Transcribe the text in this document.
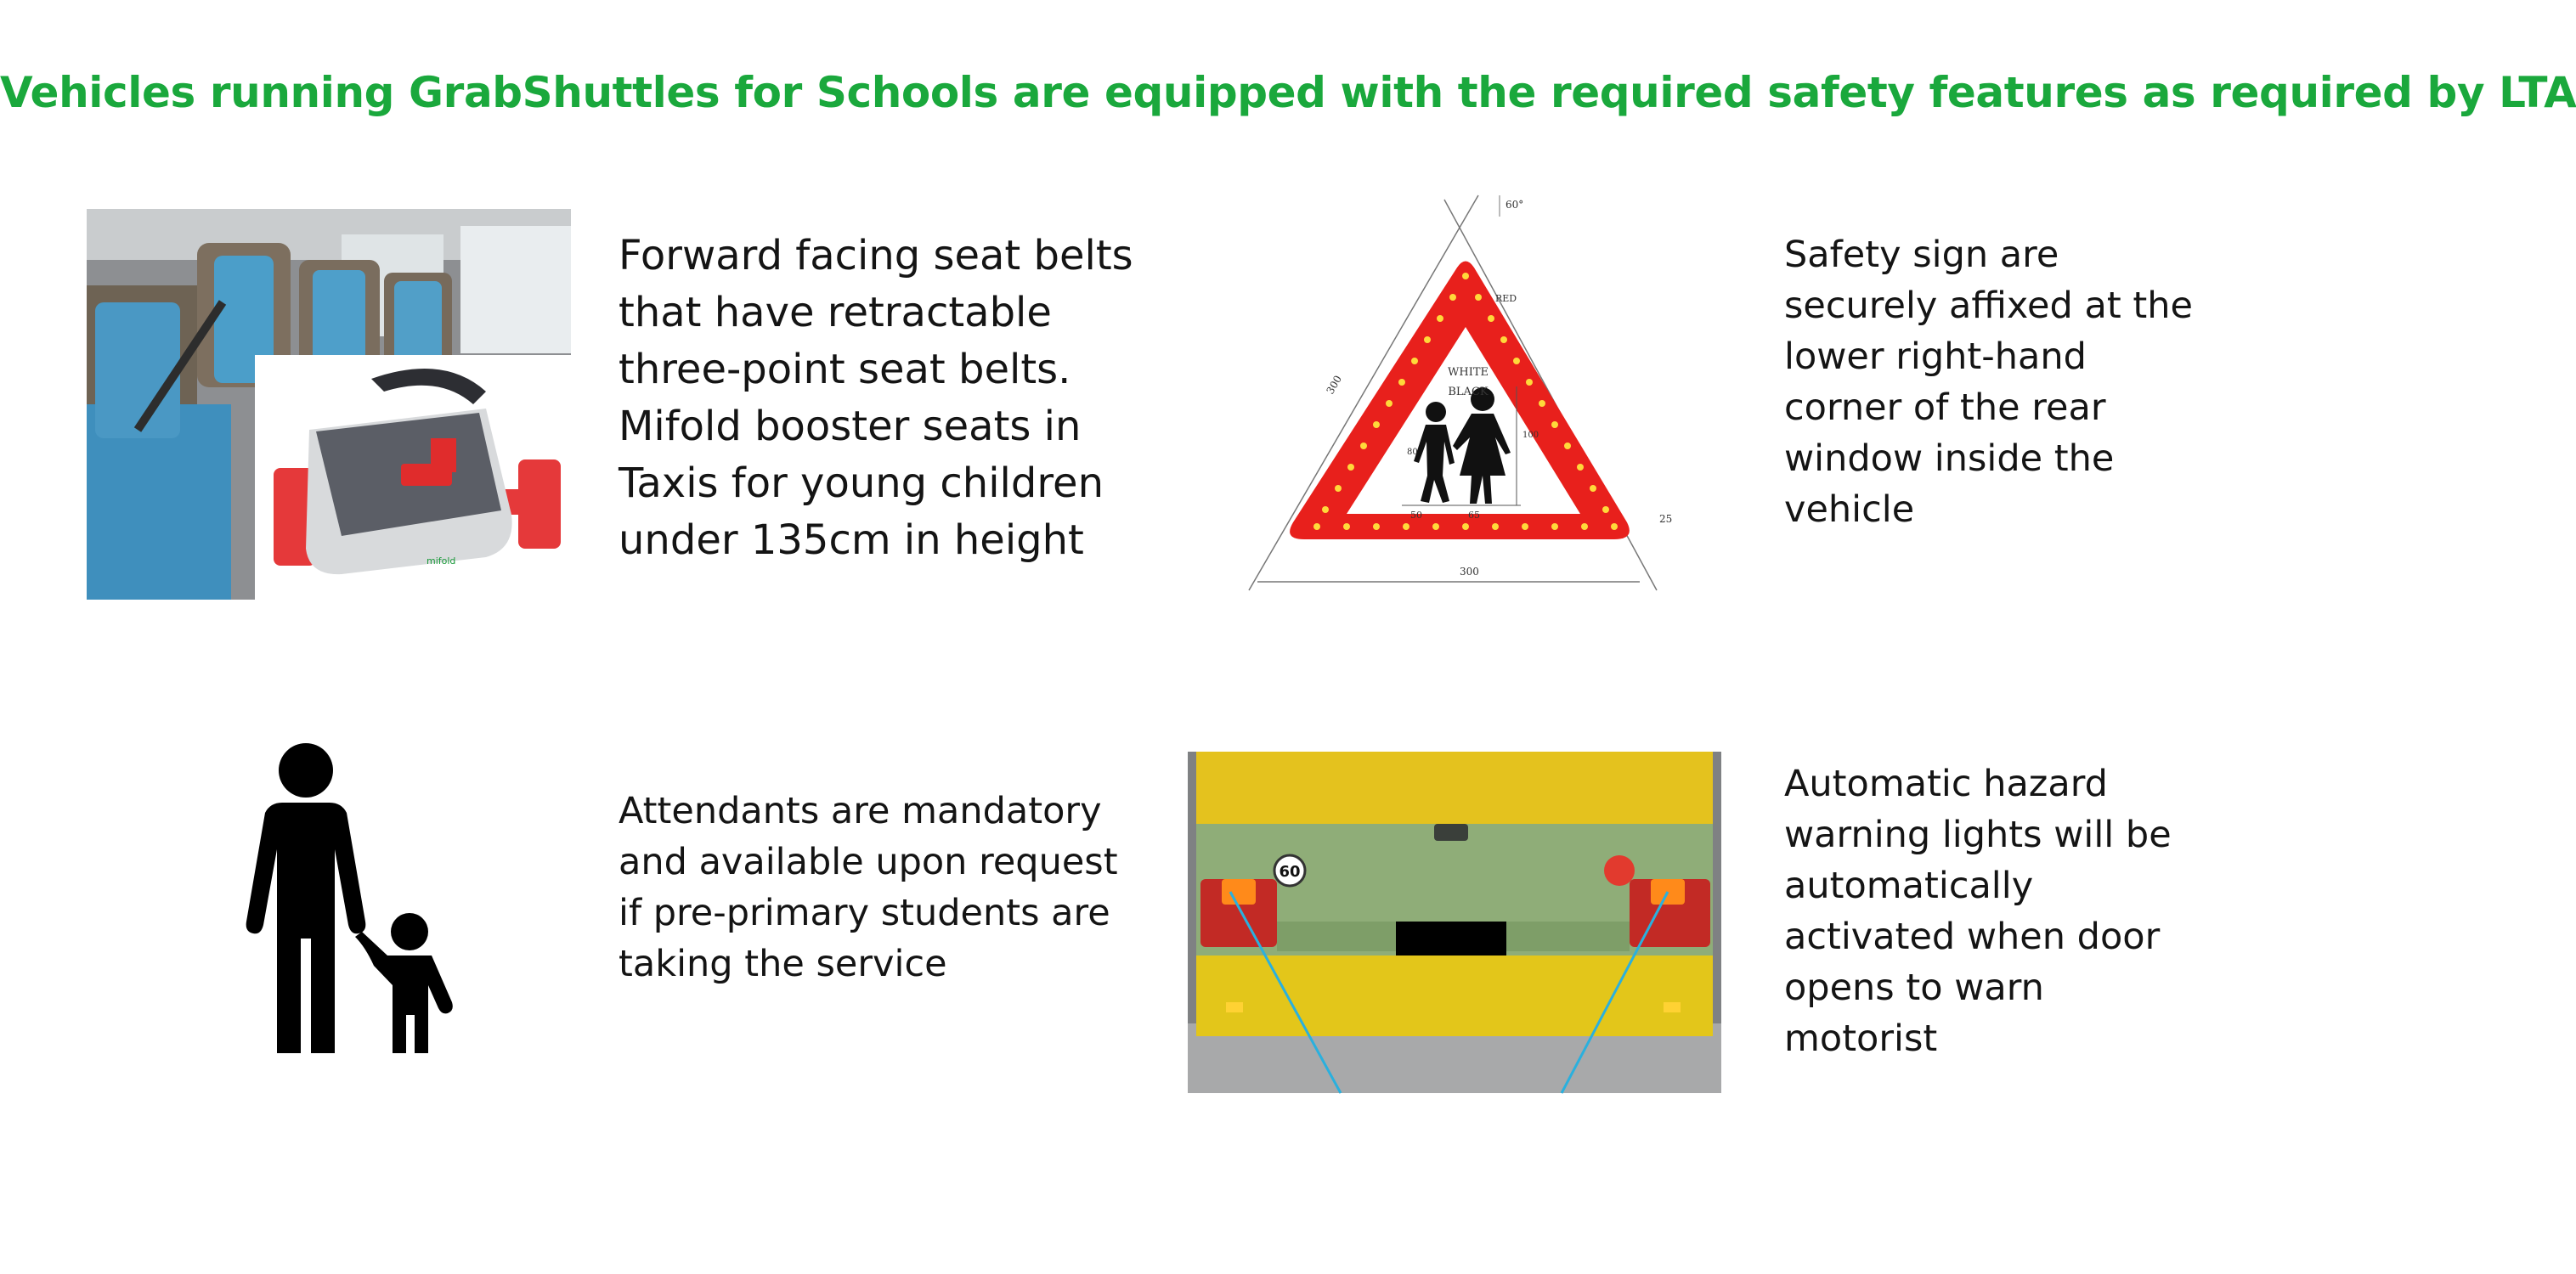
Vehicles running GrabShuttles for Schools are equipped with the required safety features as required by LTA
mifold
Forward facing seat belts
that have retractable
three-point seat belts.
Mifold booster seats in
Taxis for young children
under 135cm in height
60°
WHITE
BLACK
RED
300
300
25
50	65
80
100
Safety sign are
securely affixed at the
lower right-hand
corner of the rear
window inside the
vehicle
Attendants are mandatory
and available upon request
if pre-primary students are
taking the service
60
Automatic hazard
warning lights will be
automatically
activated when door
opens to warn
motorist
